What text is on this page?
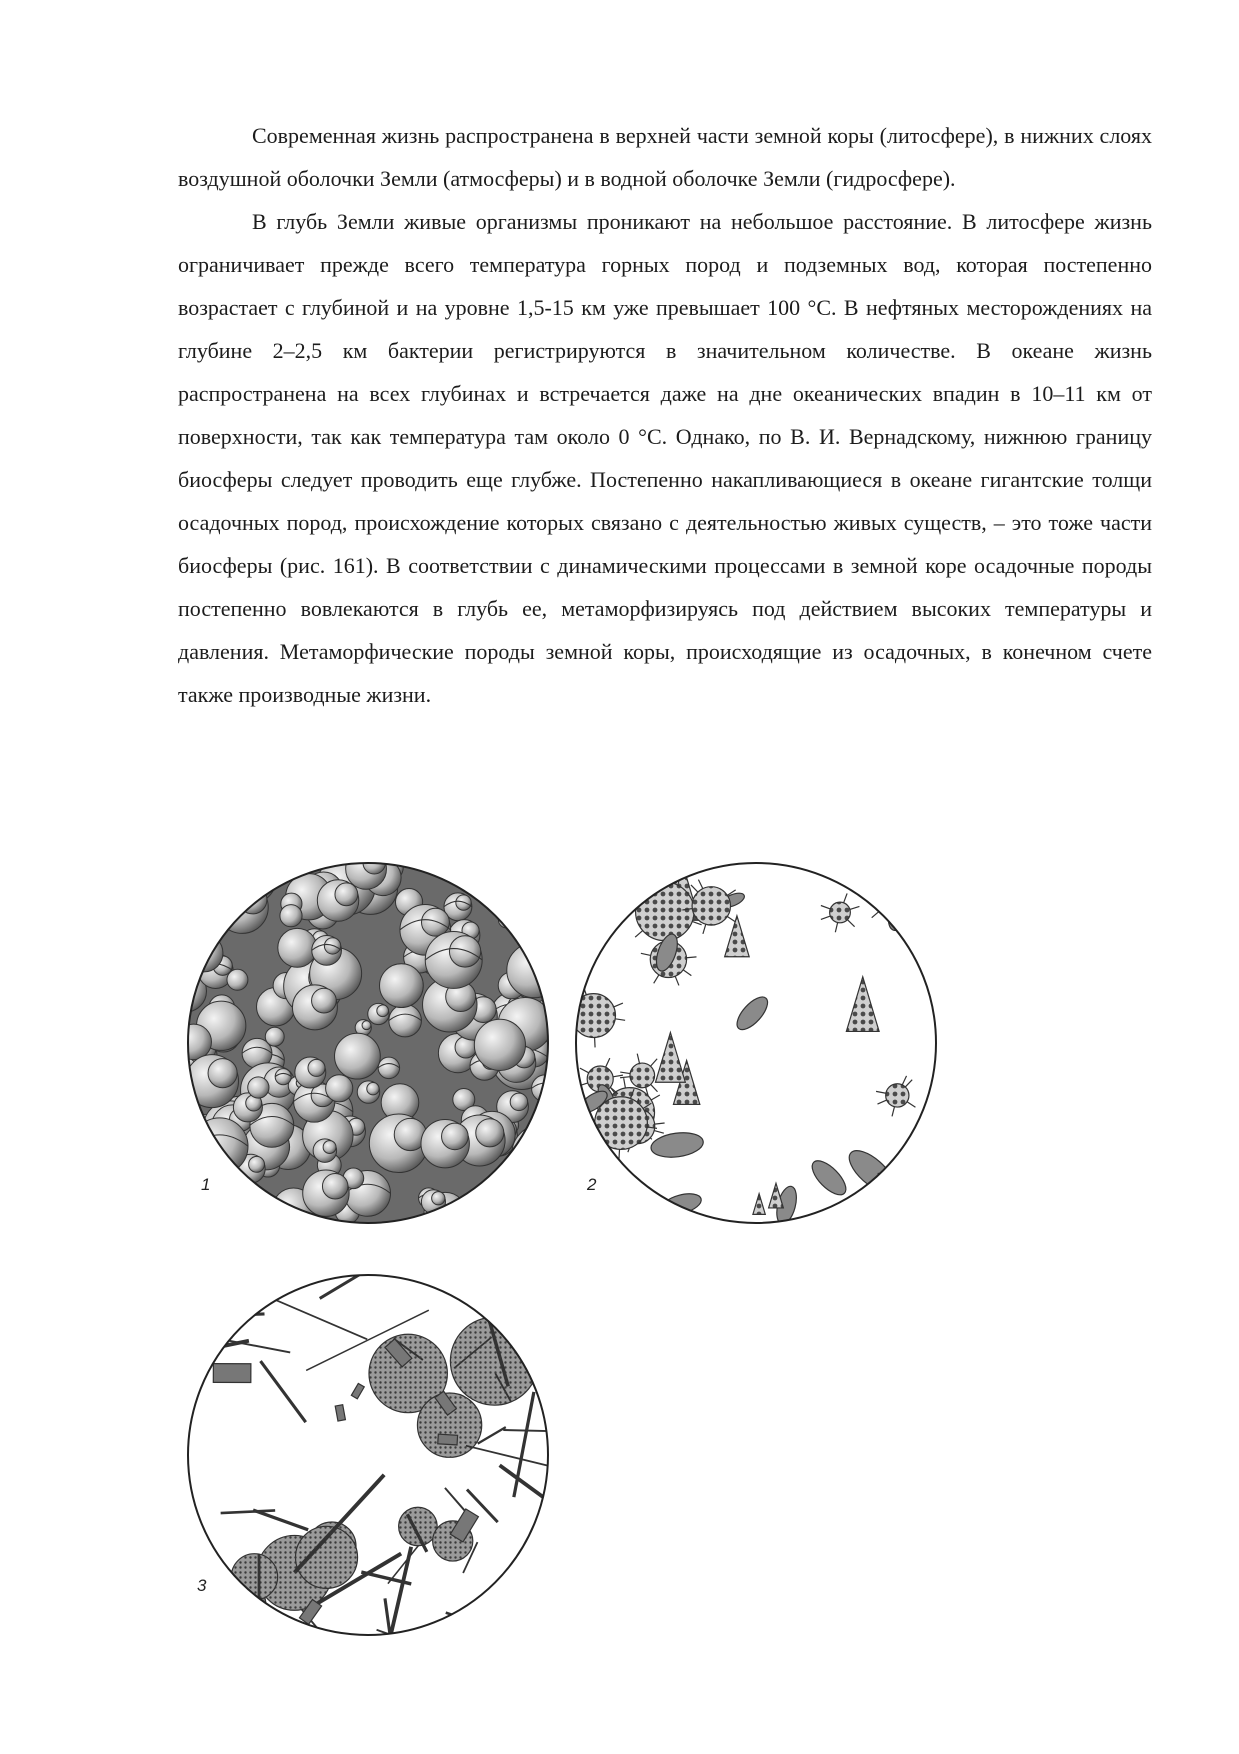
Современная жизнь распространена в верхней части земной коры (литосфере), в нижних слоях воздушной оболочки Земли (атмосферы) и в водной оболочке Земли (гидросфере).

В глубь Земли живые организмы проникают на небольшое расстояние. В литосфере жизнь ограничивает прежде всего температура горных пород и подземных вод, которая постепенно возрастает с глубиной и на уровне 1,5-15 км уже превышает 100 °С. В нефтяных месторождениях на глубине 2–2,5 км бактерии регистрируются в значительном количестве. В океане жизнь распространена на всех глубинах и встречается даже на дне океанических впадин в 10–11 км от поверхности, так как температура там около 0 °С. Однако, по В. И. Вернадскому, нижнюю границу биосферы следует проводить еще глубже. Постепенно накапливающиеся в океане гигантские толщи осадочных пород, происхождение которых связано с деятельностью живых существ, – это тоже части биосферы (рис. 161). В соответствии с динамическими процессами в земной коре осадочные породы постепенно вовлекаются в глубь ее, метаморфизируясь под действием высоких температуры и давления. Метаморфические породы земной коры, происходящие из осадочных, в конечном счете также производные жизни.

1	2
3
